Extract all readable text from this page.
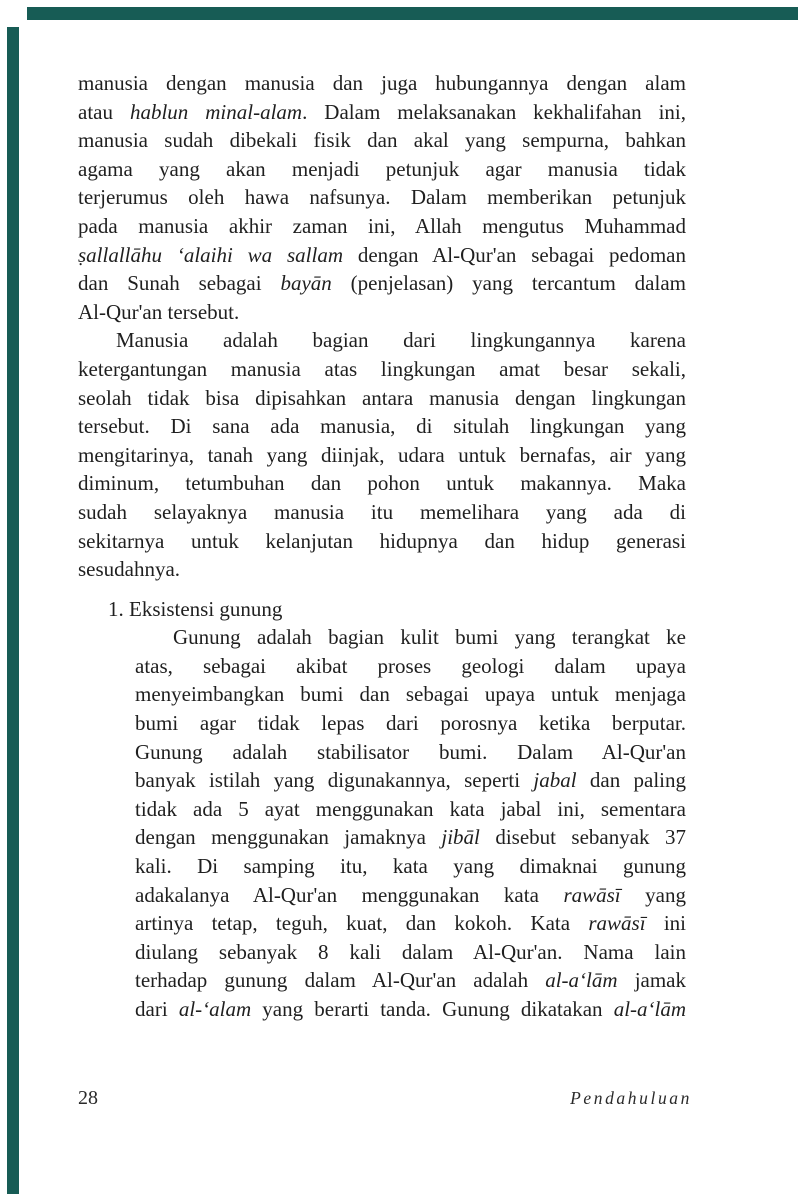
manusia dengan manusia dan juga hubungannya dengan alam
atau hablun minal-alam. Dalam melaksanakan kekhalifahan ini,
manusia sudah dibekali fisik dan akal yang sempurna, bahkan
agama yang akan menjadi petunjuk agar manusia tidak
terjerumus oleh hawa nafsunya. Dalam memberikan petunjuk
pada manusia akhir zaman ini, Allah mengutus Muhammad
ṣallallāhu ‘alaihi wa sallam dengan Al-Qur'an sebagai pedoman
dan Sunah sebagai bayān (penjelasan) yang tercantum dalam
Al-Qur'an tersebut.
Manusia adalah bagian dari lingkungannya karena
ketergantungan manusia atas lingkungan amat besar sekali,
seolah tidak bisa dipisahkan antara manusia dengan lingkungan
tersebut. Di sana ada manusia, di situlah lingkungan yang
mengitarinya, tanah yang diinjak, udara untuk bernafas, air yang
diminum, tetumbuhan dan pohon untuk makannya. Maka
sudah selayaknya manusia itu memelihara yang ada di
sekitarnya untuk kelanjutan hidupnya dan hidup generasi
sesudahnya.
1. Eksistensi gunung
Gunung adalah bagian kulit bumi yang terangkat ke
atas, sebagai akibat proses geologi dalam upaya
menyeimbangkan bumi dan sebagai upaya untuk menjaga
bumi agar tidak lepas dari porosnya ketika berputar.
Gunung adalah stabilisator bumi. Dalam Al-Qur'an
banyak istilah yang digunakannya, seperti jabal dan paling
tidak ada 5 ayat menggunakan kata jabal ini, sementara
dengan menggunakan jamaknya jibāl disebut sebanyak 37
kali. Di samping itu, kata yang dimaknai gunung
adakalanya Al-Qur'an menggunakan kata rawāsī yang
artinya tetap, teguh, kuat, dan kokoh. Kata rawāsī ini
diulang sebanyak 8 kali dalam Al-Qur'an. Nama lain
terhadap gunung dalam Al-Qur'an adalah al-a‘lām jamak
dari al-‘alam yang berarti tanda. Gunung dikatakan al-a‘lām
28	Pendahuluan
